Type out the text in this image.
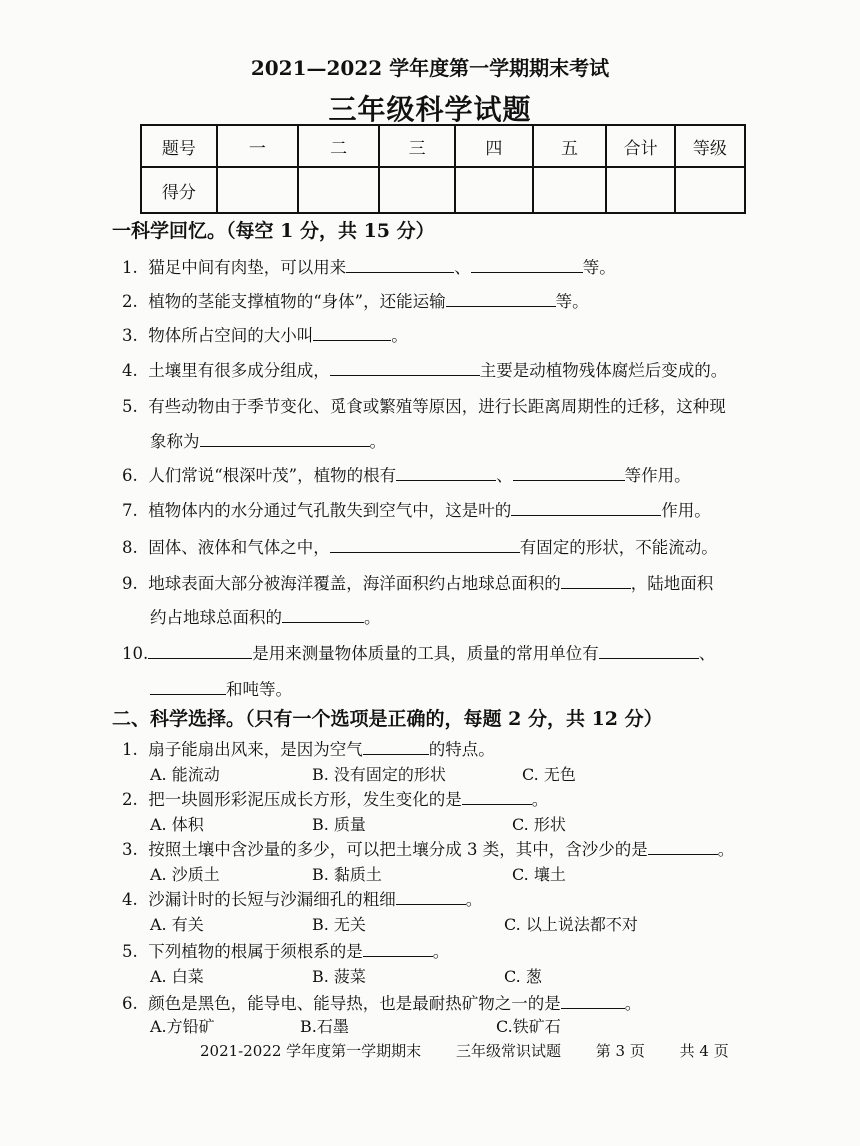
2021—2022 学年度第一学期期末考试
三年级科学试题
题号	一	二	三	四	五	合计	等级
得分							
一科学回忆。（每空 1 分，共 15 分）
1. 猫足中间有肉垫，可以用来	、	等。
2. 植物的茎能支撑植物的“身体”，还能运输	等。
3. 物体所占空间的大小叫	。
4. 土壤里有很多成分组成，	主要是动植物残体腐烂后变成的。
5. 有些动物由于季节变化、觅食或繁殖等原因，进行长距离周期性的迁移，这种现
象称为	。
6. 人们常说“根深叶茂”，植物的根有	、	等作用。
7. 植物体内的水分通过气孔散失到空气中，这是叶的	作用。
8. 固体、液体和气体之中，	有固定的形状，不能流动。
9. 地球表面大部分被海洋覆盖，海洋面积约占地球总面积的	，陆地面积
约占地球总面积的	。
10.	是用来测量物体质量的工具，质量的常用单位有	、
和吨等。
二、科学选择。（只有一个选项是正确的，每题 2 分，共 12 分）
1. 扇子能扇出风来，是因为空气	的特点。
A. 能流动	B. 没有固定的形状	C. 无色
2. 把一块圆形彩泥压成长方形，发生变化的是	。
A. 体积	B. 质量	C. 形状
3. 按照土壤中含沙量的多少，可以把土壤分成 3 类，其中，含沙少的是	。
A. 沙质土	B. 黏质土	C. 壤土
4. 沙漏计时的长短与沙漏细孔的粗细	。
A. 有关	B. 无关	C. 以上说法都不对
5. 下列植物的根属于须根系的是	。
A. 白菜	B. 菠菜	C. 葱
6. 颜色是黑色，能导电、能导热，也是最耐热矿物之一的是	。
A.方铅矿	B.石墨	C.铁矿石
2021-2022 学年度第一学期期末 三年级常识试题 第 3 页 共 4 页
